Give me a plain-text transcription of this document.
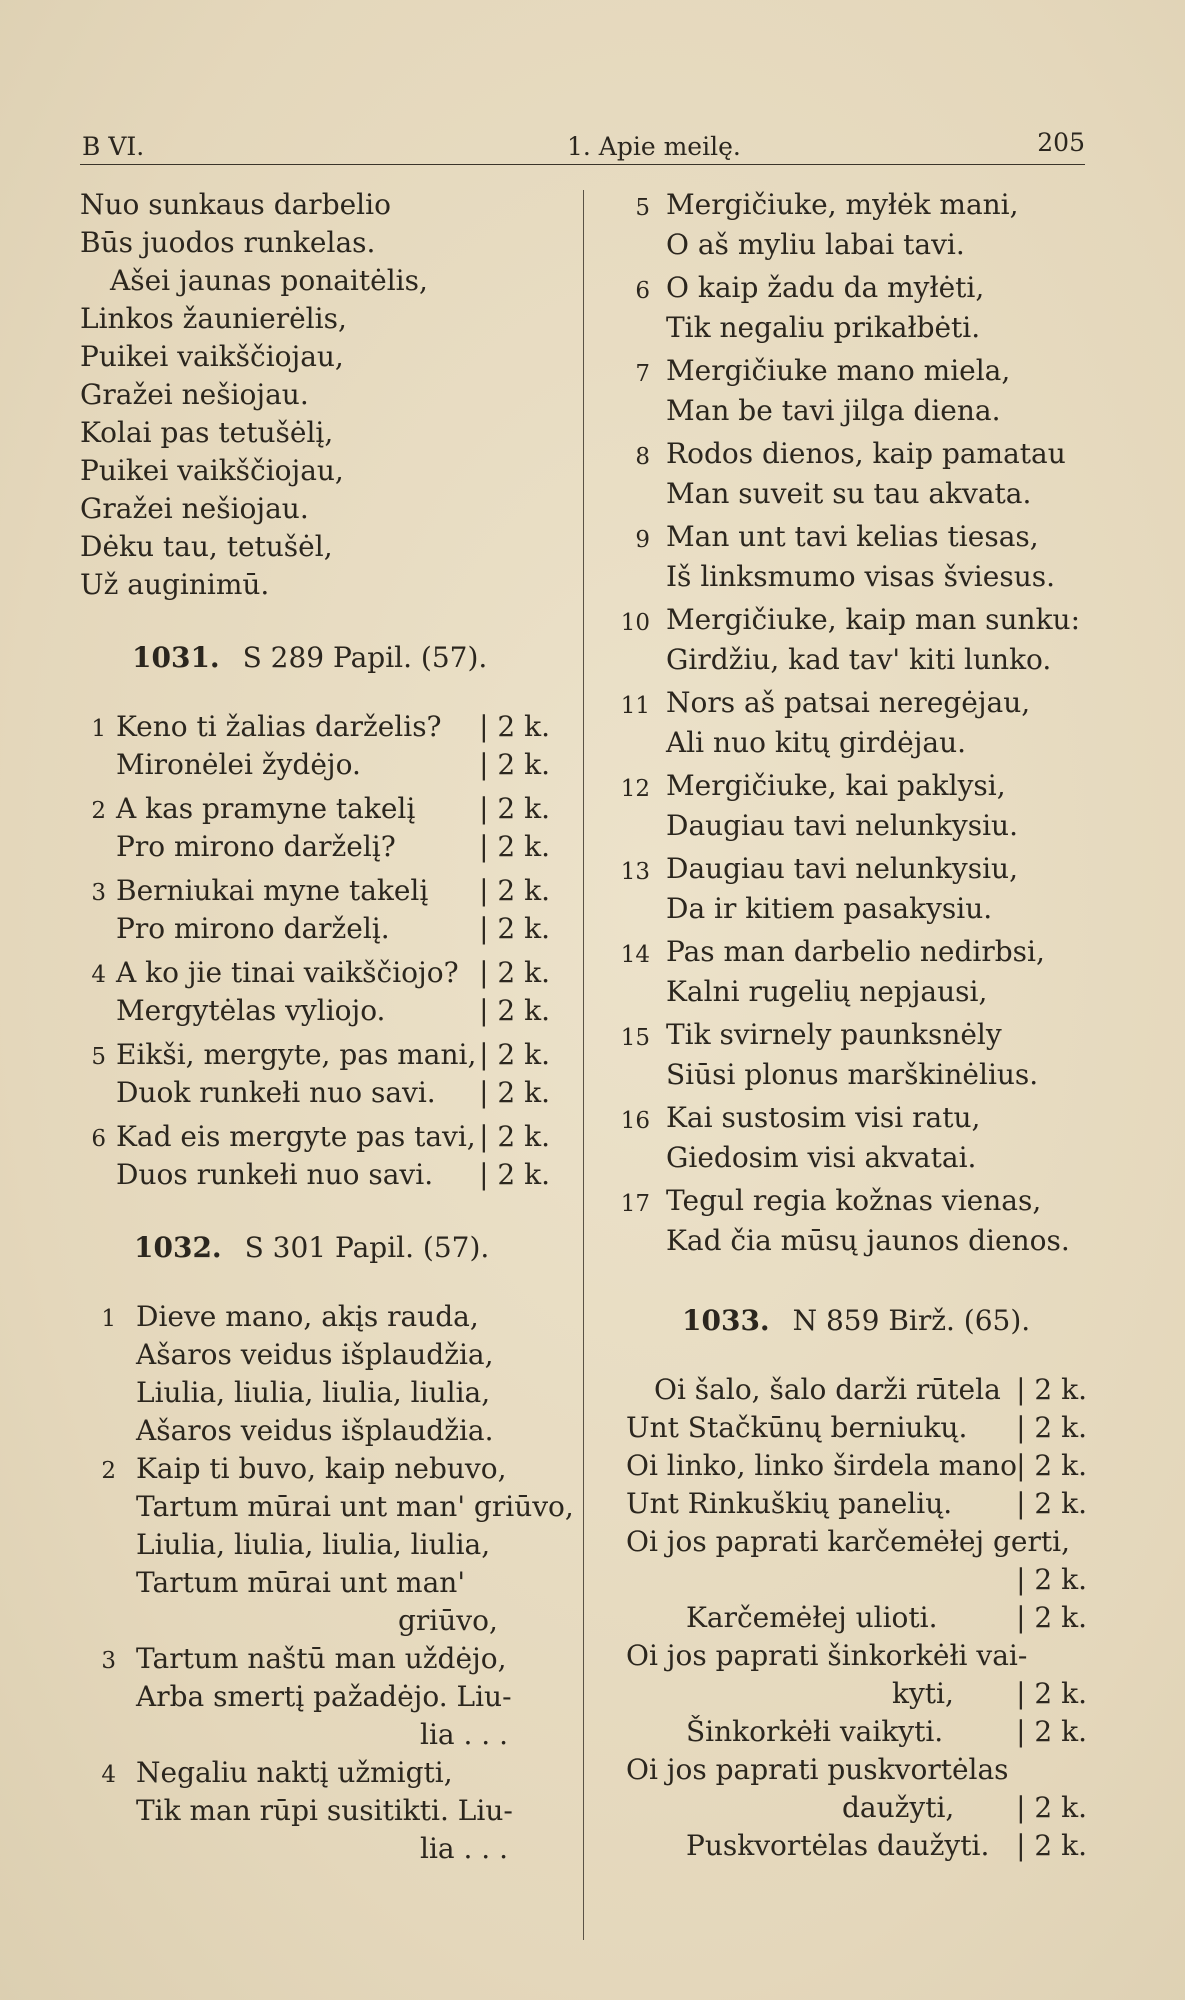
B VI.	1. Apie meilę.	205
Nuo sunkaus darbelio
Būs juodos runkelas.
Ašei jaunas ponaitėlis,
Linkos žaunierėlis,
Puikei vaikščiojau,
Gražei nešiojau.
Kolai pas tetušėlį,
Puikei vaikščiojau,
Gražei nešiojau.
Dėku tau, tetušėl,
Už auginimū.
1031. S 289 Papil. (57).
1 Keno ti žalias darželis? | 2 k.
Mironėlei žydėjo.	| 2 k.
2 A kas pramyne takelį | 2 k.
Pro mirono darželį?	| 2 k.
3 Berniukai myne takelį | 2 k.
Pro mirono darželį.	| 2 k.
4 A ko jie tinai vaikščiojo? | 2 k.
Mergytėlas vyliojo.	| 2 k.
5 Eikši, mergyte, pas mani, | 2 k.
Duok runkełi nuo savi. | 2 k.
6 Kad eis mergyte pas tavi, | 2 k.
Duos runkełi nuo savi. | 2 k.
1032. S 301 Papil. (57).
1 Dieve mano, akįs rauda,
Ašaros veidus išplaudžia,
Liulia, liulia, liulia, liulia,
Ašaros veidus išplaudžia.
2 Kaip ti buvo, kaip nebuvo,
Tartum mūrai unt man' griūvo,
Liulia, liulia, liulia, liulia,
Tartum mūrai unt man'
griūvo,
3 Tartum naštū man uždėjo,
Arba smertį pažadėjo. Liu-
lia . . .
4 Negaliu naktį užmigti,
Tik man rūpi susitikti. Liu-
lia . . .
5 Mergičiuke, myłėk mani,
O aš myliu labai tavi.
6 O kaip žadu da myłėti,
Tik negaliu prikałbėti.
7 Mergičiuke mano miela,
Man be tavi jilga diena.
8 Rodos dienos, kaip pamatau
Man suveit su tau akvata.
9 Man unt tavi kelias tiesas,
Iš linksmumo visas šviesus.
10 Mergičiuke, kaip man sunku:
Girdžiu, kad tav' kiti lunko.
11 Nors aš patsai neregėjau,
Ali nuo kitų girdėjau.
12 Mergičiuke, kai paklysi,
Daugiau tavi nelunkysiu.
13 Daugiau tavi nelunkysiu,
Da ir kitiem pasakysiu.
14 Pas man darbelio nedirbsi,
Kalni rugelių nepjausi,
15 Tik svirnely paunksnėly
Siūsi plonus marškinėlius.
16 Kai sustosim visi ratu,
Giedosim visi akvatai.
17 Tegul regia kožnas vienas,
Kad čia mūsų jaunos dienos.
1033. N 859 Birž. (65).
Oi šalo, šalo darži rūtela | 2 k.
Unt Stačkūnų berniukų. | 2 k.
Oi linko, linko širdela mano | 2 k.
Unt Rinkuškių panelių. | 2 k.
Oi jos paprati karčemėłej gerti,
| 2 k.
Karčemėłej ulioti.	| 2 k.
Oi jos paprati šinkorkėłi vai-
kyti, | 2 k.
Šinkorkėłi vaikyti.	| 2 k.
Oi jos paprati puskvortėlas
daužyti, | 2 k.
Puskvortėlas daužyti. | 2 k.
